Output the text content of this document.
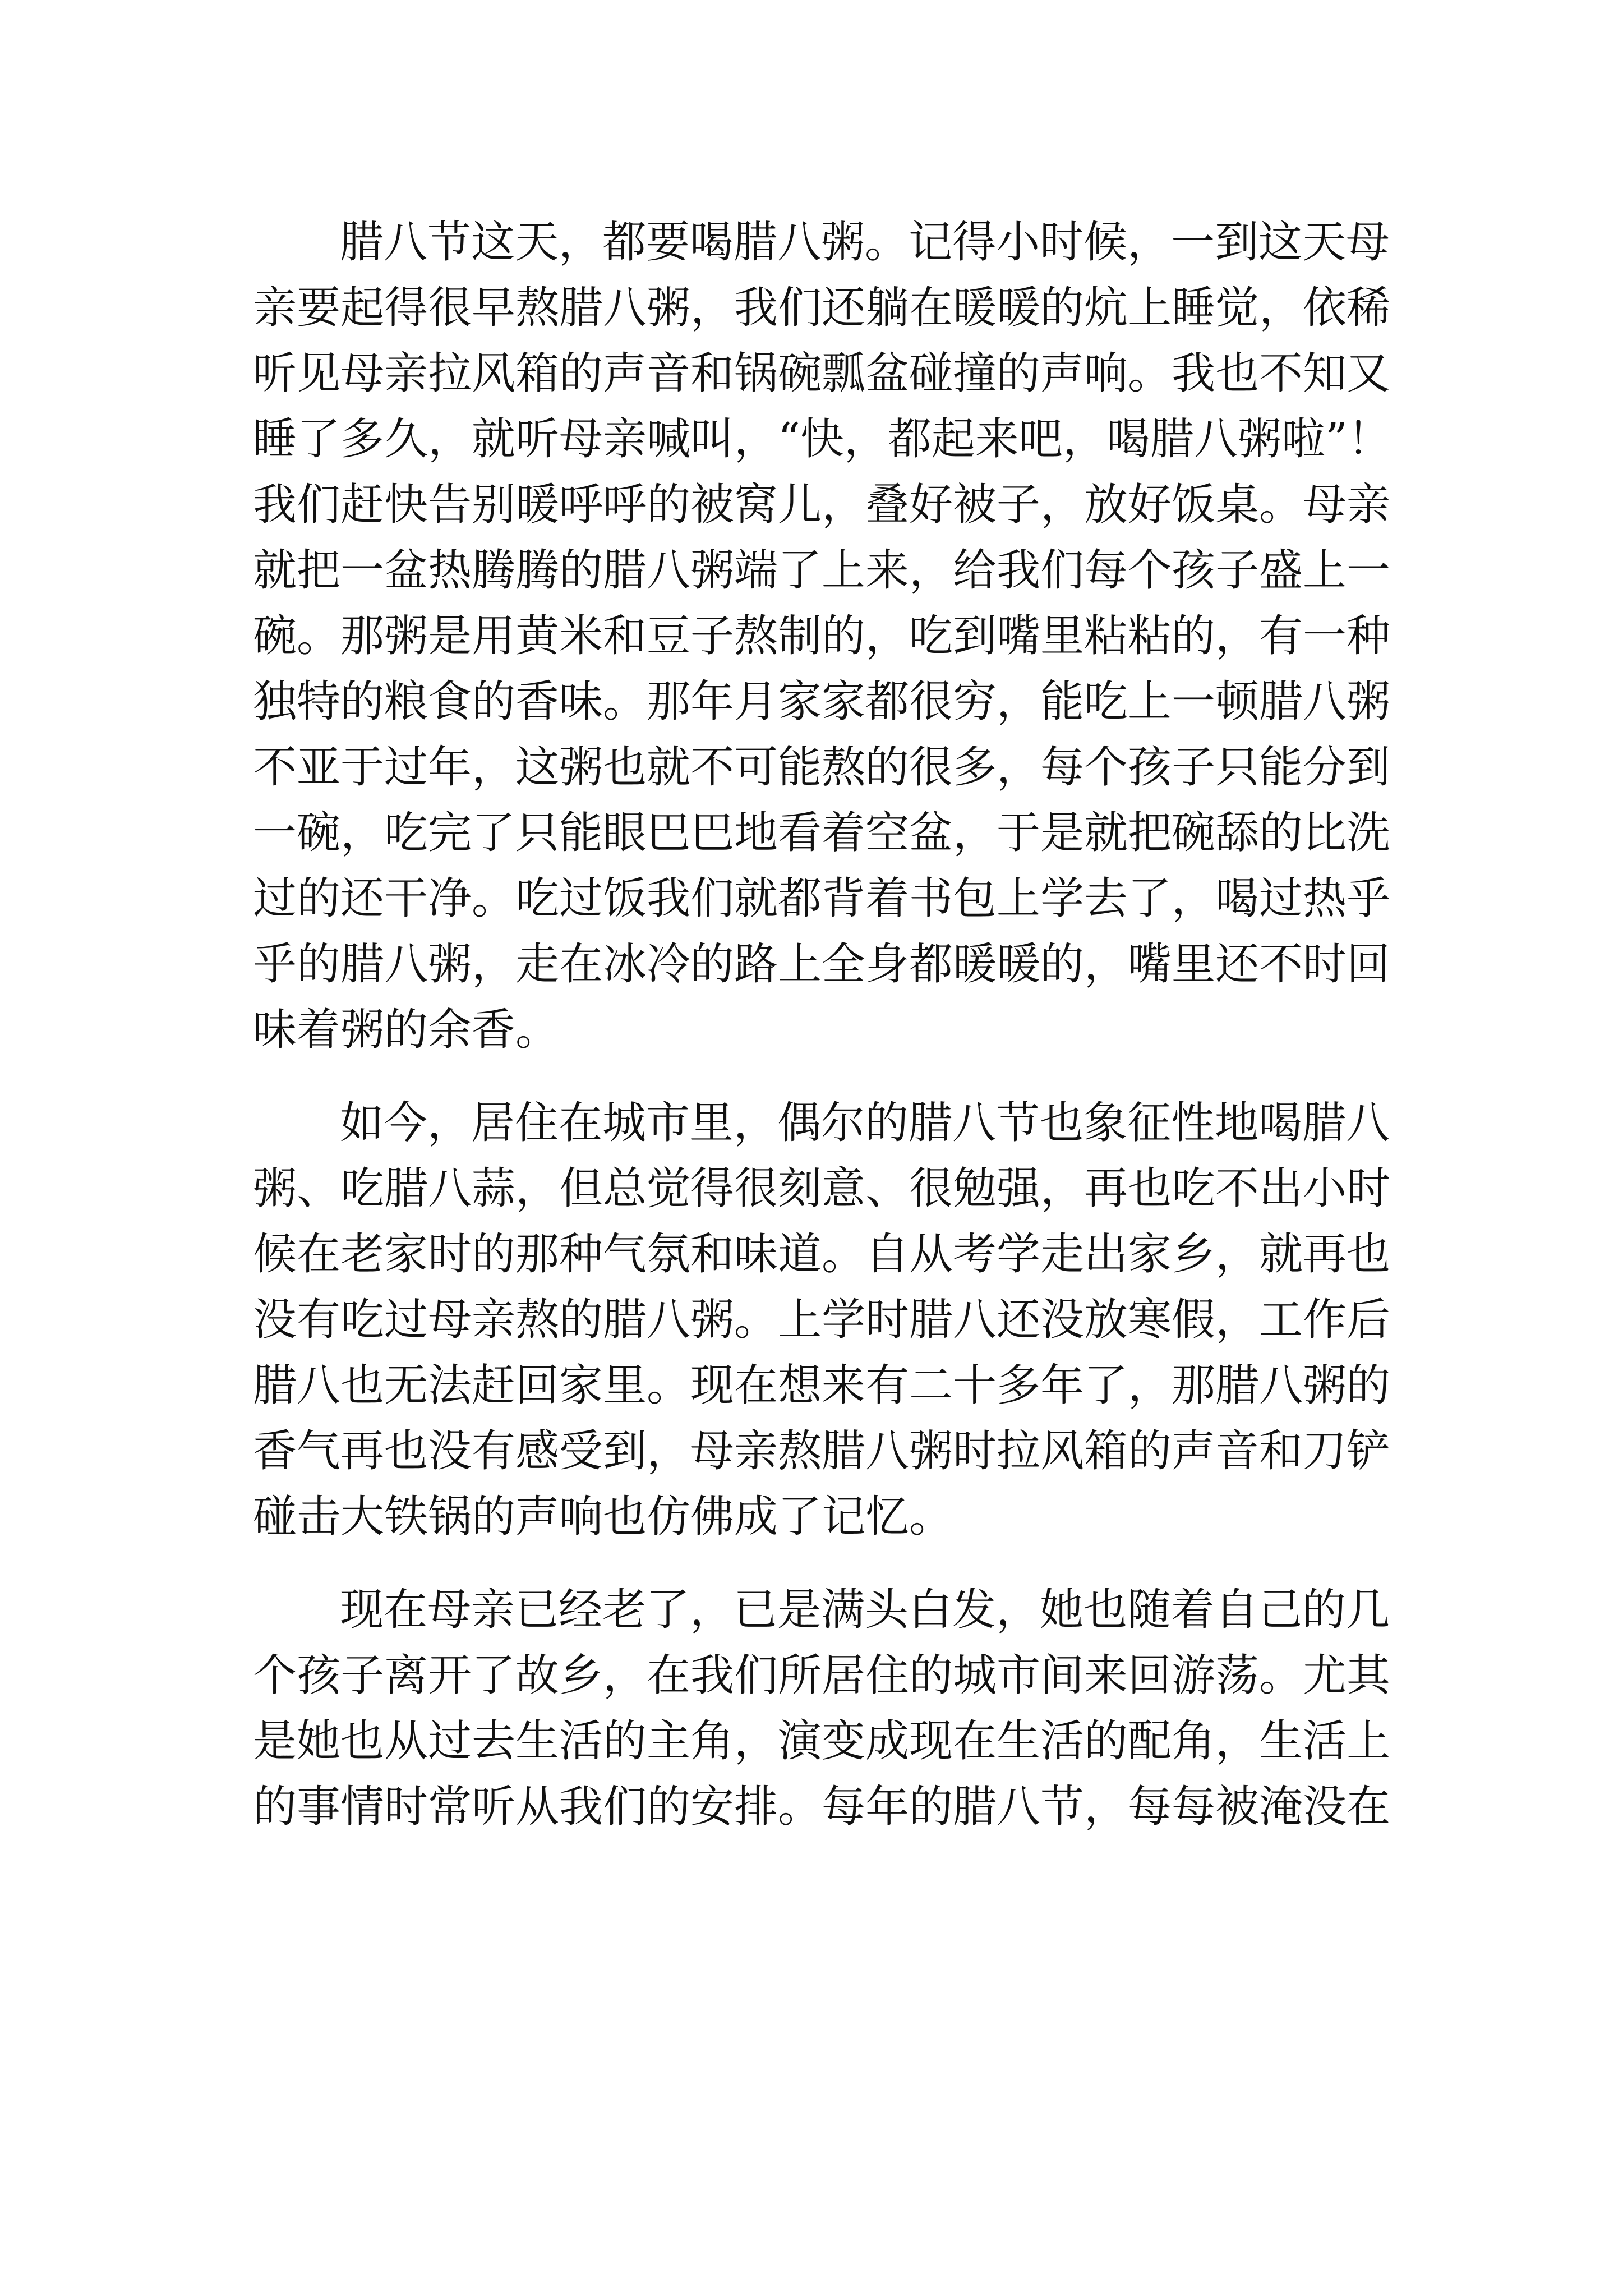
腊八节这天，都要喝腊八粥。记得小时候，一到这天母
亲要起得很早熬腊八粥，我们还躺在暖暖的炕上睡觉，依稀
听见母亲拉风箱的声音和锅碗瓢盆碰撞的声响。我也不知又
睡了多久，就听母亲喊叫，“快，都起来吧，喝腊八粥啦”！
我们赶快告别暖呼呼的被窝儿，叠好被子，放好饭桌。母亲
就把一盆热腾腾的腊八粥端了上来，给我们每个孩子盛上一
碗。那粥是用黄米和豆子熬制的，吃到嘴里粘粘的，有一种
独特的粮食的香味。那年月家家都很穷，能吃上一顿腊八粥
不亚于过年，这粥也就不可能熬的很多，每个孩子只能分到
一碗，吃完了只能眼巴巴地看着空盆，于是就把碗舔的比洗
过的还干净。吃过饭我们就都背着书包上学去了，喝过热乎
乎的腊八粥，走在冰冷的路上全身都暖暖的，嘴里还不时回
味着粥的余香。
如今，居住在城市里，偶尔的腊八节也象征性地喝腊八
粥、吃腊八蒜，但总觉得很刻意、很勉强，再也吃不出小时
候在老家时的那种气氛和味道。自从考学走出家乡，就再也
没有吃过母亲熬的腊八粥。上学时腊八还没放寒假，工作后
腊八也无法赶回家里。现在想来有二十多年了，那腊八粥的
香气再也没有感受到，母亲熬腊八粥时拉风箱的声音和刀铲
碰击大铁锅的声响也仿佛成了记忆。
现在母亲已经老了，已是满头白发，她也随着自己的几
个孩子离开了故乡，在我们所居住的城市间来回游荡。尤其
是她也从过去生活的主角，演变成现在生活的配角，生活上
的事情时常听从我们的安排。每年的腊八节，每每被淹没在
